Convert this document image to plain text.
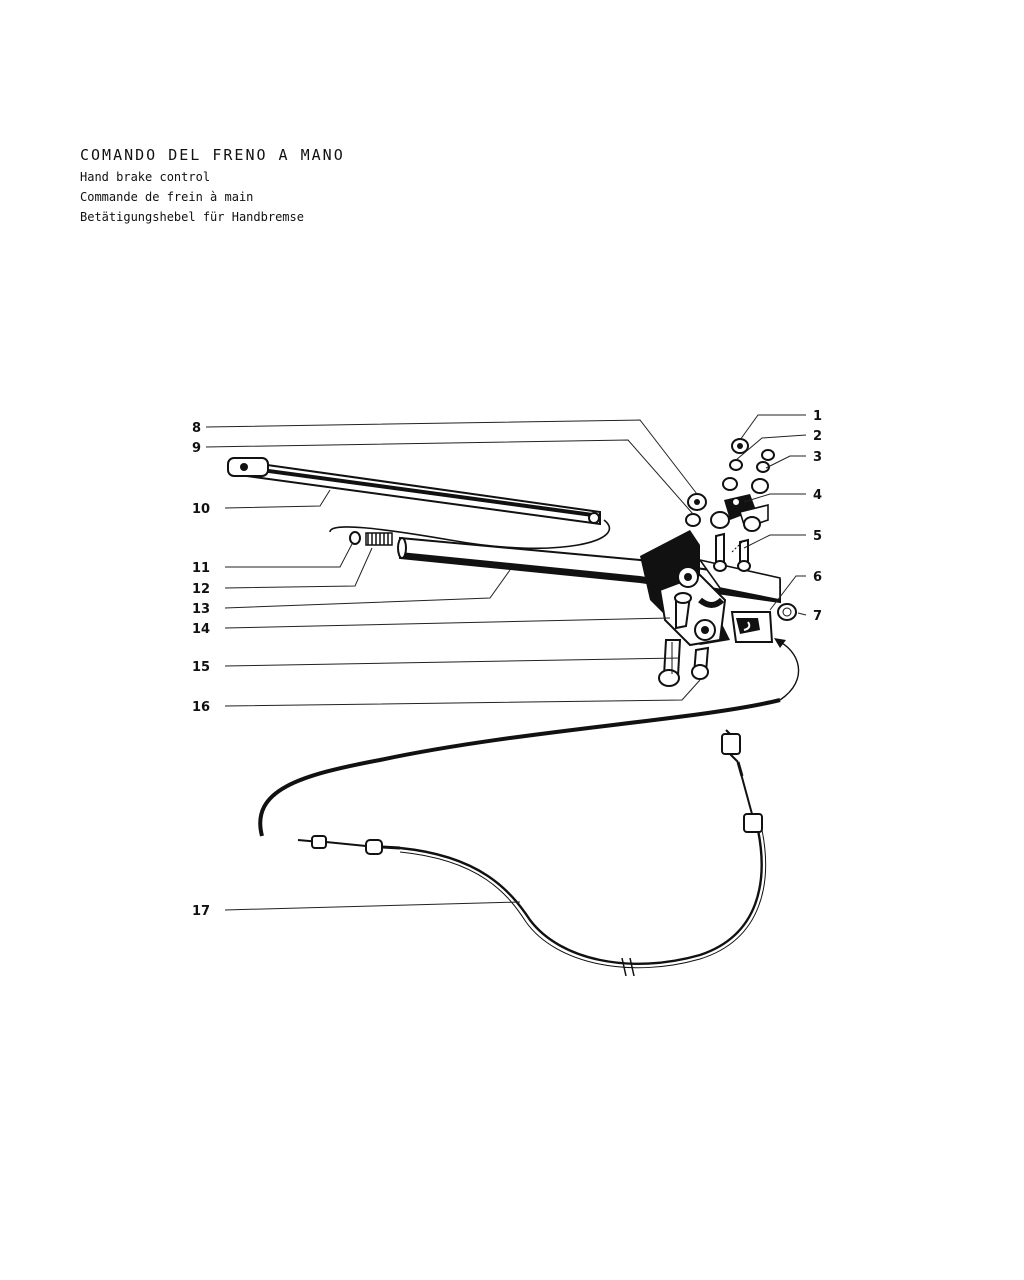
COMANDO DEL FRENO A MANO
Hand brake control
Commande de frein à main
Betätigungshebel für Handbremse
1
2
3
4
5
6
7
8
9
10
11
12
13
14
15
16
17
